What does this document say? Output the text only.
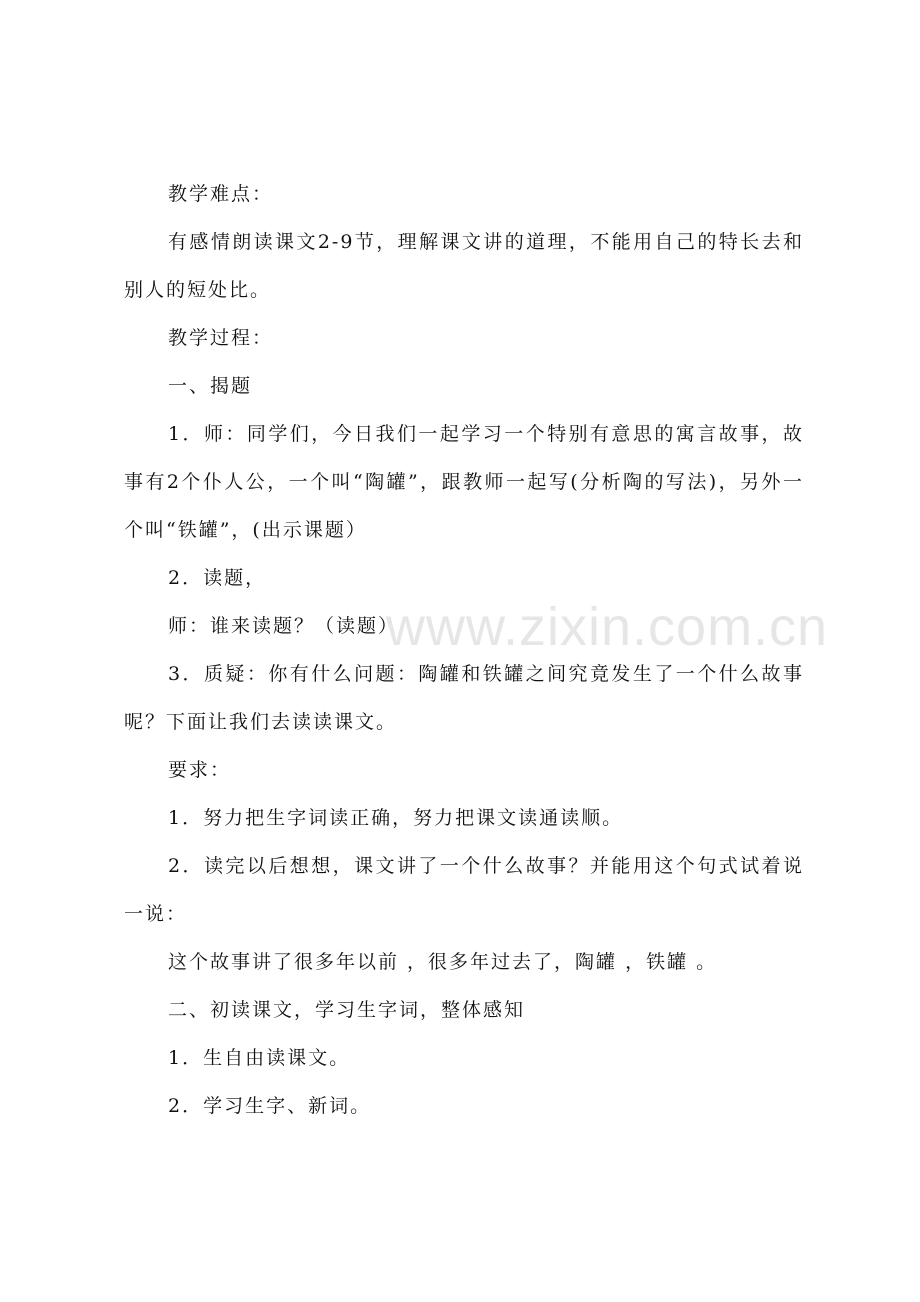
教学难点：

有感情朗读课文2-9节，理解课文讲的道理，不能用自己的特长去和别人的短处比。

教学过程：

一、揭题

1．师：同学们，今日我们一起学习一个特别有意思的寓言故事，故事有2个仆人公，一个叫“陶罐”，跟教师一起写(分析陶的写法)，另外一个叫“铁罐”，(出示课题）

2．读题，

师：谁来读题？（读题）

3．质疑：你有什么问题：陶罐和铁罐之间究竟发生了一个什么故事呢？下面让我们去读读课文。

要求：

1．努力把生字词读正确，努力把课文读通读顺。

2．读完以后想想，课文讲了一个什么故事？并能用这个句式试着说一说：

这个故事讲了很多年以前 ，很多年过去了，陶罐 ，铁罐 。

二、初读课文，学习生字词，整体感知

1．生自由读课文。

2．学习生字、新词。

www.zixin.com.cn
